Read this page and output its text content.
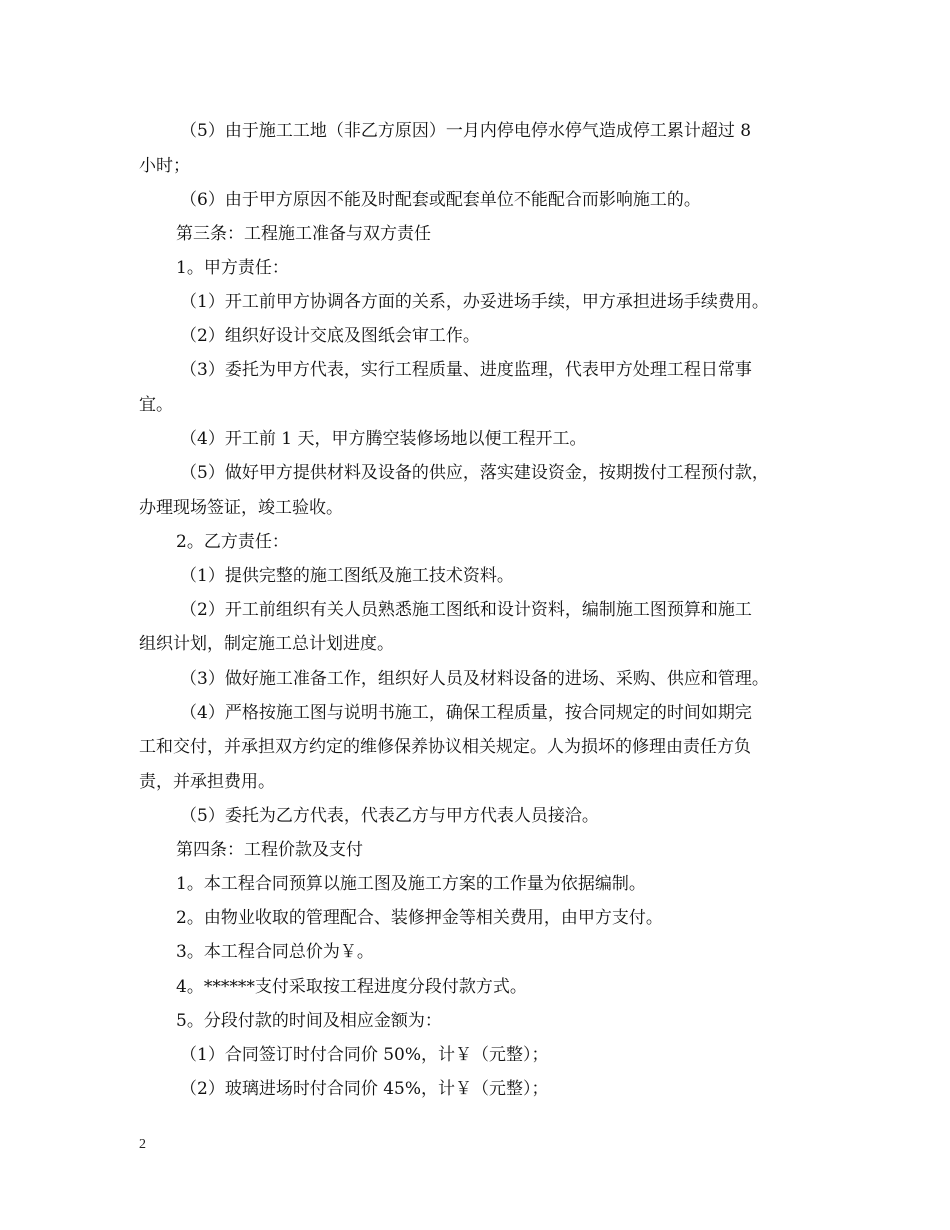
（5）由于施工工地（非乙方原因）一月内停电停水停气造成停工累计超过 8
小时；
（6）由于甲方原因不能及时配套或配套单位不能配合而影响施工的。
第三条：工程施工准备与双方责任
1。甲方责任：
（1）开工前甲方协调各方面的关系，办妥进场手续，甲方承担进场手续费用。
（2）组织好设计交底及图纸会审工作。
（3）委托为甲方代表，实行工程质量、进度监理，代表甲方处理工程日常事
宜。
（4）开工前 1 天，甲方腾空装修场地以便工程开工。
（5）做好甲方提供材料及设备的供应，落实建设资金，按期拨付工程预付款，
办理现场签证，竣工验收。
2。乙方责任：
（1）提供完整的施工图纸及施工技术资料。
（2）开工前组织有关人员熟悉施工图纸和设计资料，编制施工图预算和施工
组织计划，制定施工总计划进度。
（3）做好施工准备工作，组织好人员及材料设备的进场、采购、供应和管理。
（4）严格按施工图与说明书施工，确保工程质量，按合同规定的时间如期完
工和交付，并承担双方约定的维修保养协议相关规定。人为损坏的修理由责任方负
责，并承担费用。
（5）委托为乙方代表，代表乙方与甲方代表人员接洽。
第四条：工程价款及支付
1。本工程合同预算以施工图及施工方案的工作量为依据编制。
2。由物业收取的管理配合、装修押金等相关费用，由甲方支付。
3。本工程合同总价为￥。
4。******支付采取按工程进度分段付款方式。
5。分段付款的时间及相应金额为：
（1）合同签订时付合同价 50%，计￥（元整）；
（2）玻璃进场时付合同价 45%，计￥（元整）；
2
